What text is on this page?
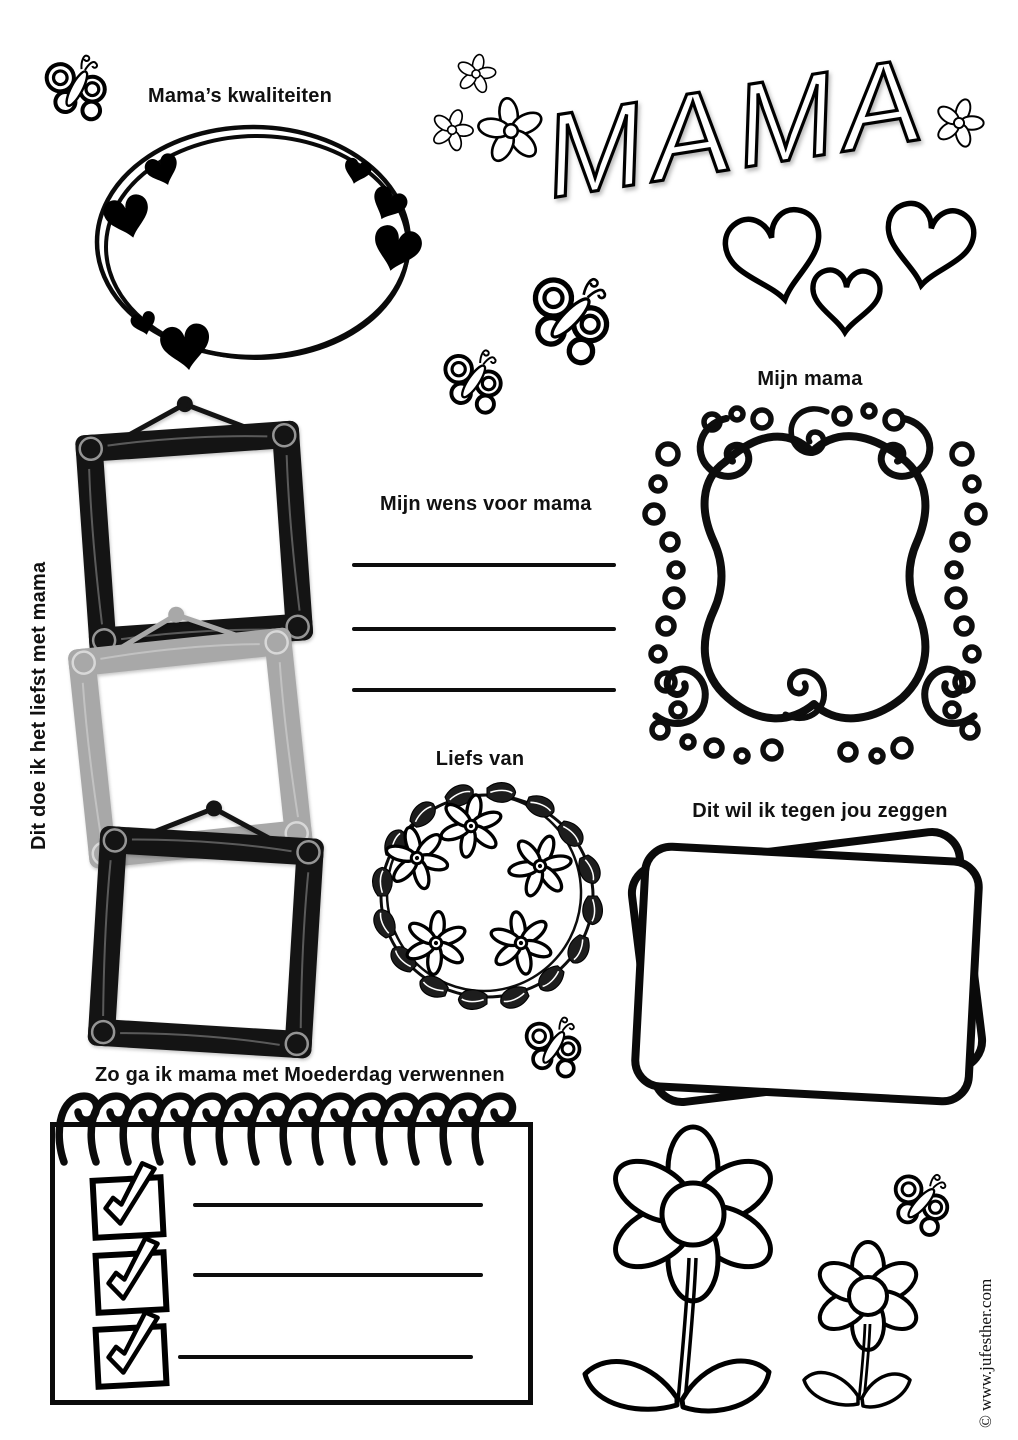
Mama’s kwaliteiten MAMA
Mijn mama
Mijn wens voor mama
Dit doe ik het liefst met mama	Liefs van
Dit wil ik tegen jou zeggen
Zo ga ik mama met Moederdag verwennen
© www.jufesther.com
